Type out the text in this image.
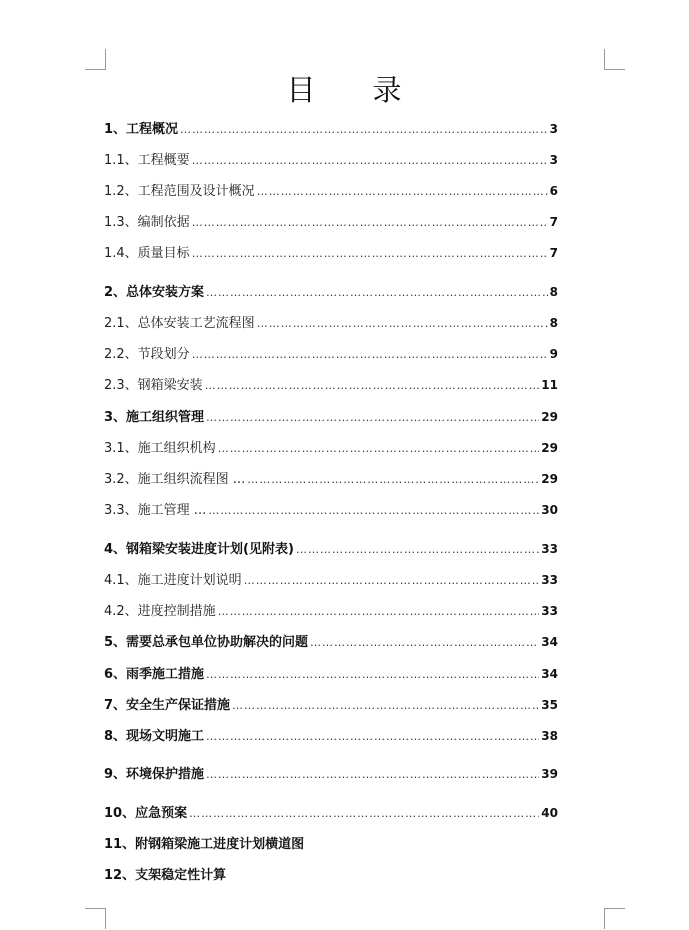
目 录
1、工程概况 ……………………………………………………………………………………………………………………………………	3
1.1、工程概要 ……………………………………………………………………………………………………………………………………	3
1.2、工程范围及设计概况 ……………………………………………………………………………………………………………………………………	6
1.3、编制依据 ……………………………………………………………………………………………………………………………………	7
1.4、质量目标 ……………………………………………………………………………………………………………………………………	7
2、总体安装方案 ……………………………………………………………………………………………………………………………………	8
2.1、总体安装工艺流程图 ……………………………………………………………………………………………………………………………………	8
2.2、节段划分 ……………………………………………………………………………………………………………………………………	9
2.3、钢箱梁安装 ……………………………………………………………………………………………………………………………………	11
3、施工组织管理 ……………………………………………………………………………………………………………………………………	29
3.1、施工组织机构 ……………………………………………………………………………………………………………………………………	29
3.2、施工组织流程图 ... ……………………………………………………………………………………………………………………………………	29
3.3、施工管理 ... ……………………………………………………………………………………………………………………………………	30
4、钢箱梁安装进度计划(见附表) ……………………………………………………………………………………………………………………………………	33
4.1、施工进度计划说明 ……………………………………………………………………………………………………………………………………	33
4.2、进度控制措施 ……………………………………………………………………………………………………………………………………	33
5、需要总承包单位协助解决的问题 ……………………………………………………………………………………………………………………………………	34
6、雨季施工措施 ……………………………………………………………………………………………………………………………………	34
7、安全生产保证措施 ……………………………………………………………………………………………………………………………………	35
8、现场文明施工 ……………………………………………………………………………………………………………………………………	38
9、环境保护措施 ……………………………………………………………………………………………………………………………………	39
10、应急预案 ……………………………………………………………………………………………………………………………………	40
11、附钢箱梁施工进度计划横道图
12、支架稳定性计算
